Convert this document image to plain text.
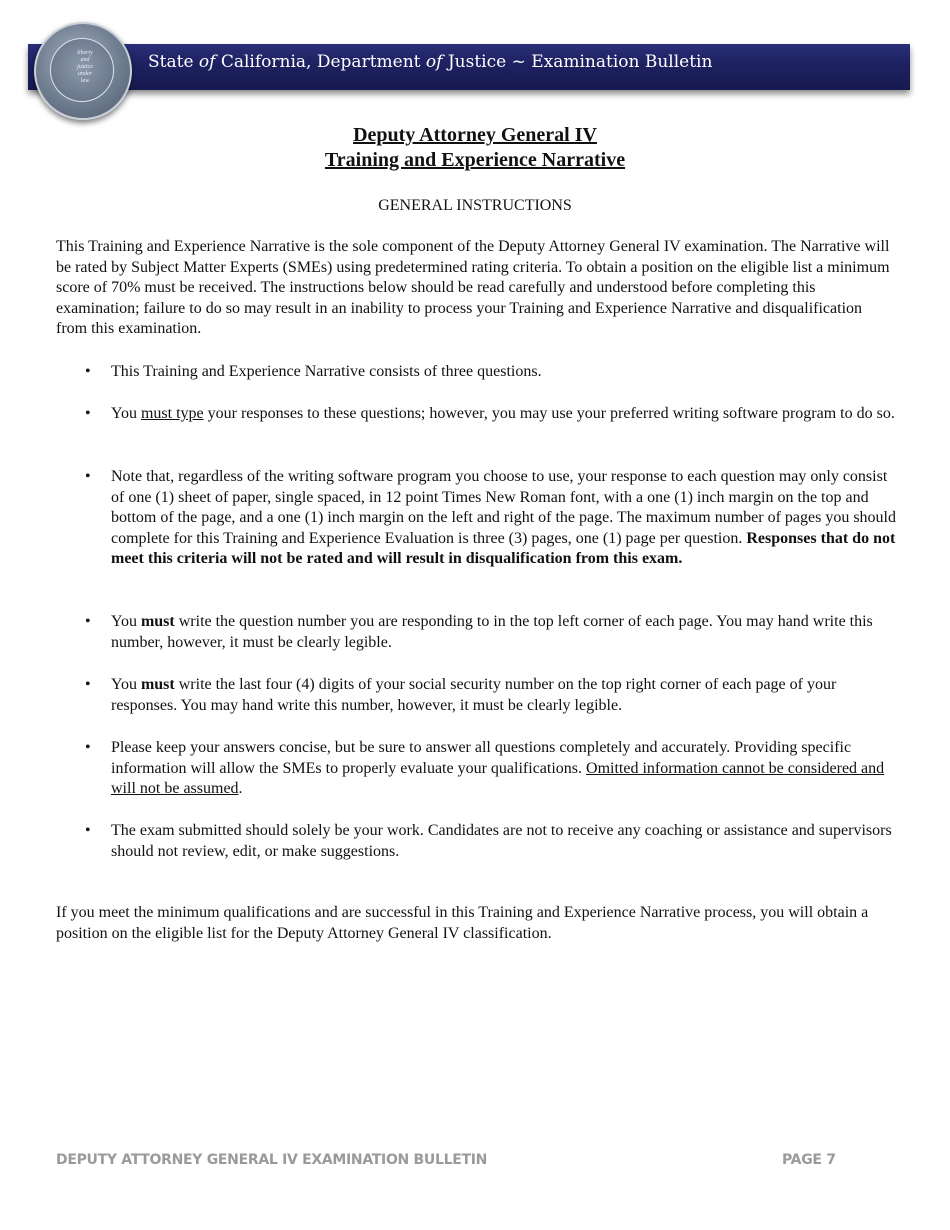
liberty and justice under law
State of California, Department of Justice ~ Examination Bulletin
Deputy Attorney General IV
Training and Experience Narrative
GENERAL INSTRUCTIONS
This Training and Experience Narrative is the sole component of the Deputy Attorney General IV examination. The Narrative will be rated by Subject Matter Experts (SMEs) using predetermined rating criteria. To obtain a position on the eligible list a minimum score of 70% must be received. The instructions below should be read carefully and understood before completing this examination; failure to do so may result in an inability to process your Training and Experience Narrative and disqualification from this examination.
• This Training and Experience Narrative consists of three questions.
• You must type your responses to these questions; however, you may use your preferred writing software program to do so.
• Note that, regardless of the writing software program you choose to use, your response to each question may only consist of one (1) sheet of paper, single spaced, in 12 point Times New Roman font, with a one (1) inch margin on the top and bottom of the page, and a one (1) inch margin on the left and right of the page. The maximum number of pages you should complete for this Training and Experience Evaluation is three (3) pages, one (1) page per question. Responses that do not meet this criteria will not be rated and will result in disqualification from this exam.
• You must write the question number you are responding to in the top left corner of each page. You may hand write this number, however, it must be clearly legible.
• You must write the last four (4) digits of your social security number on the top right corner of each page of your responses. You may hand write this number, however, it must be clearly legible.
• Please keep your answers concise, but be sure to answer all questions completely and accurately. Providing specific information will allow the SMEs to properly evaluate your qualifications. Omitted information cannot be considered and will not be assumed.
• The exam submitted should solely be your work. Candidates are not to receive any coaching or assistance and supervisors should not review, edit, or make suggestions.
If you meet the minimum qualifications and are successful in this Training and Experience Narrative process, you will obtain a position on the eligible list for the Deputy Attorney General IV classification.
DEPUTY ATTORNEY GENERAL IV EXAMINATION BULLETIN	PAGE 7
